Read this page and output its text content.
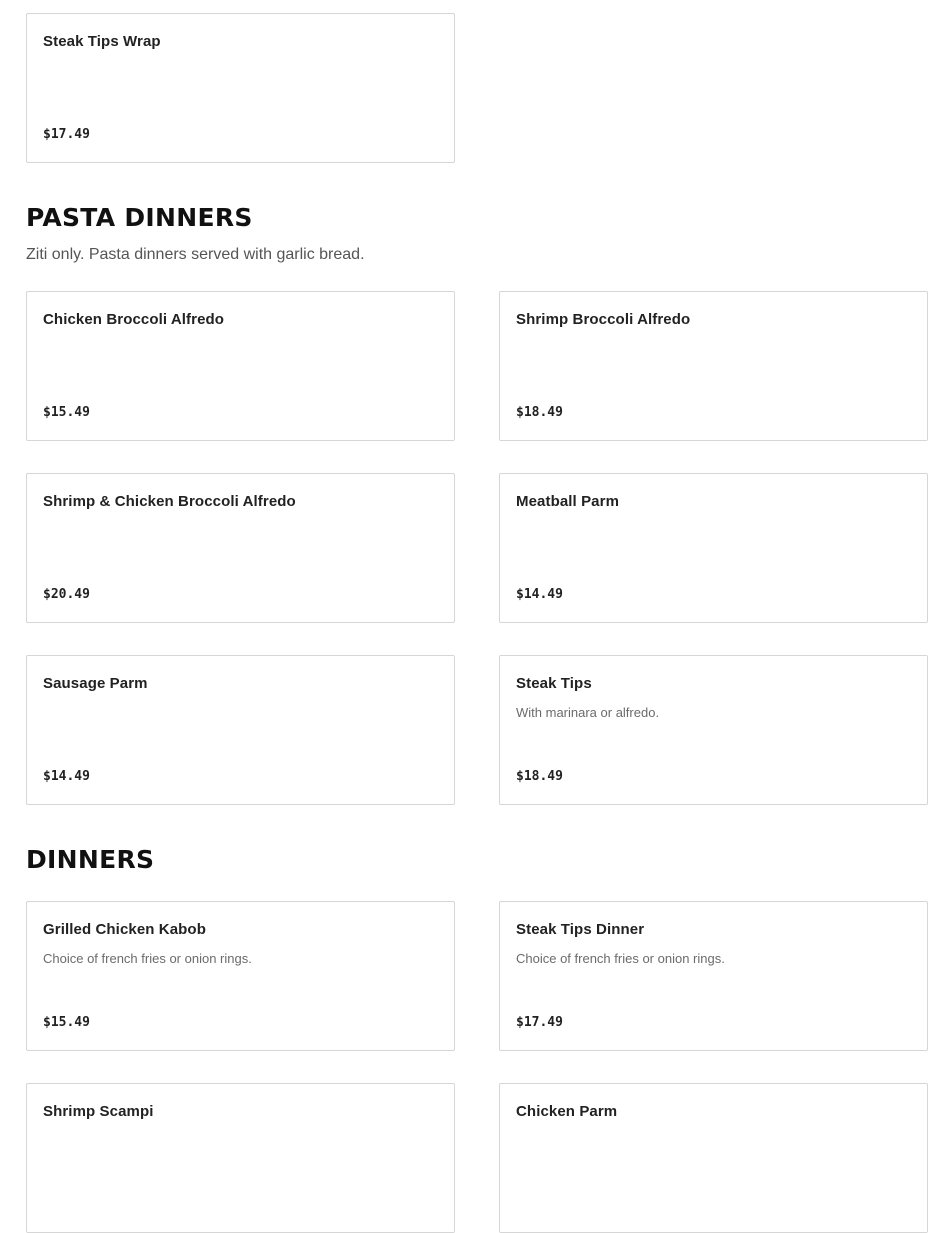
Steak Tips Wrap
$17.49
PASTA DINNERS
Ziti only. Pasta dinners served with garlic bread.
Chicken Broccoli Alfredo
$15.49
Shrimp Broccoli Alfredo
$18.49
Shrimp & Chicken Broccoli Alfredo
$20.49
Meatball Parm
$14.49
Sausage Parm
$14.49
Steak Tips
With marinara or alfredo.
$18.49
DINNERS
Grilled Chicken Kabob
Choice of french fries or onion rings.
$15.49
Steak Tips Dinner
Choice of french fries or onion rings.
$17.49
Shrimp Scampi	Chicken Parm
